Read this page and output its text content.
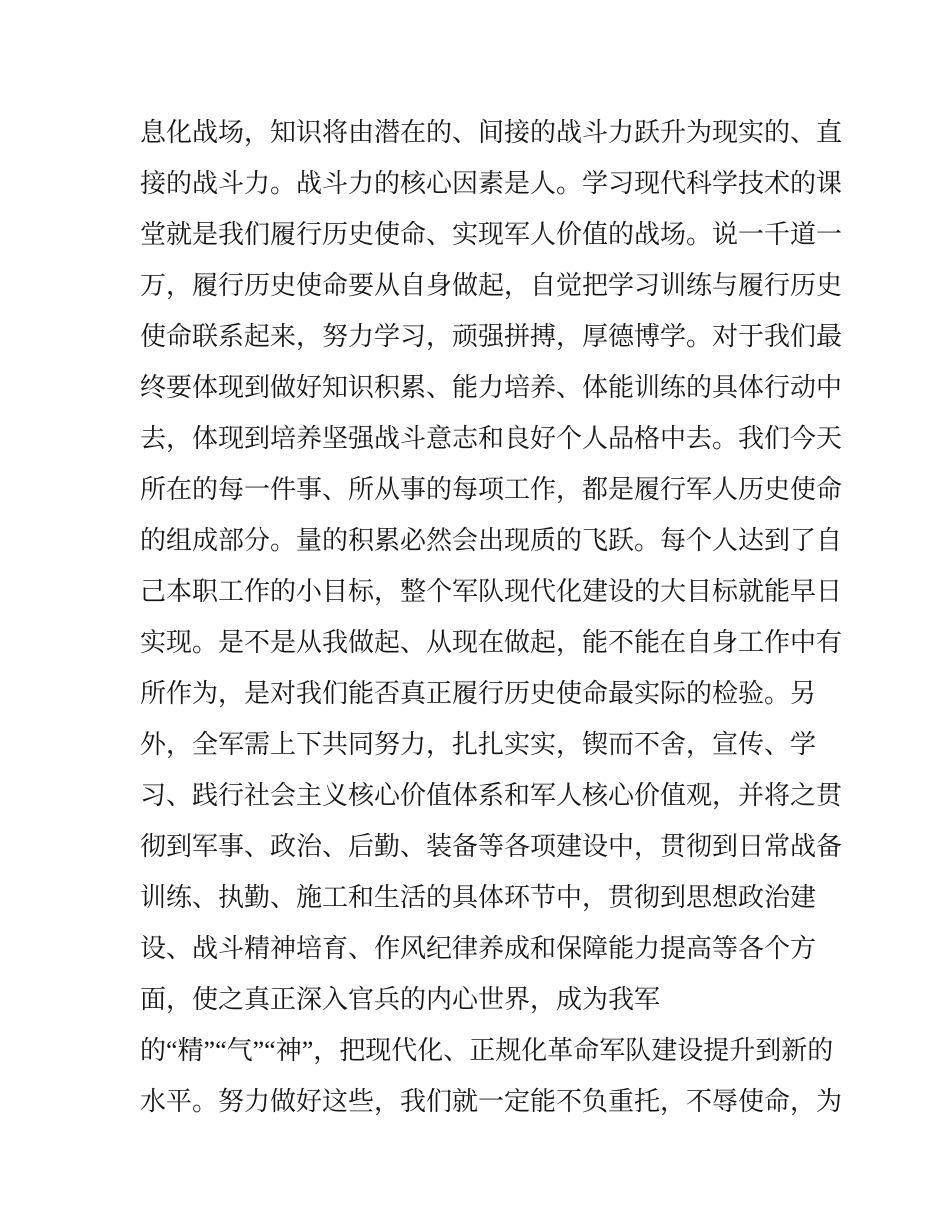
息化战场，知识将由潜在的、间接的战斗力跃升为现实的、直
接的战斗力。战斗力的核心因素是人。学习现代科学技术的课
堂就是我们履行历史使命、实现军人价值的战场。说一千道一
万，履行历史使命要从自身做起，自觉把学习训练与履行历史
使命联系起来，努力学习，顽强拼搏，厚德博学。对于我们最
终要体现到做好知识积累、能力培养、体能训练的具体行动中
去，体现到培养坚强战斗意志和良好个人品格中去。我们今天
所在的每一件事、所从事的每项工作，都是履行军人历史使命
的组成部分。量的积累必然会出现质的飞跃。每个人达到了自
己本职工作的小目标，整个军队现代化建设的大目标就能早日
实现。是不是从我做起、从现在做起，能不能在自身工作中有
所作为，是对我们能否真正履行历史使命最实际的检验。另
外，全军需上下共同努力，扎扎实实，锲而不舍，宣传、学
习、践行社会主义核心价值体系和军人核心价值观，并将之贯
彻到军事、政治、后勤、装备等各项建设中，贯彻到日常战备
训练、执勤、施工和生活的具体环节中，贯彻到思想政治建
设、战斗精神培育、作风纪律养成和保障能力提高等各个方
面，使之真正深入官兵的内心世界，成为我军
的“精”“气”“神”，把现代化、正规化革命军队建设提升到新的
水平。努力做好这些，我们就一定能不负重托，不辱使命，为
